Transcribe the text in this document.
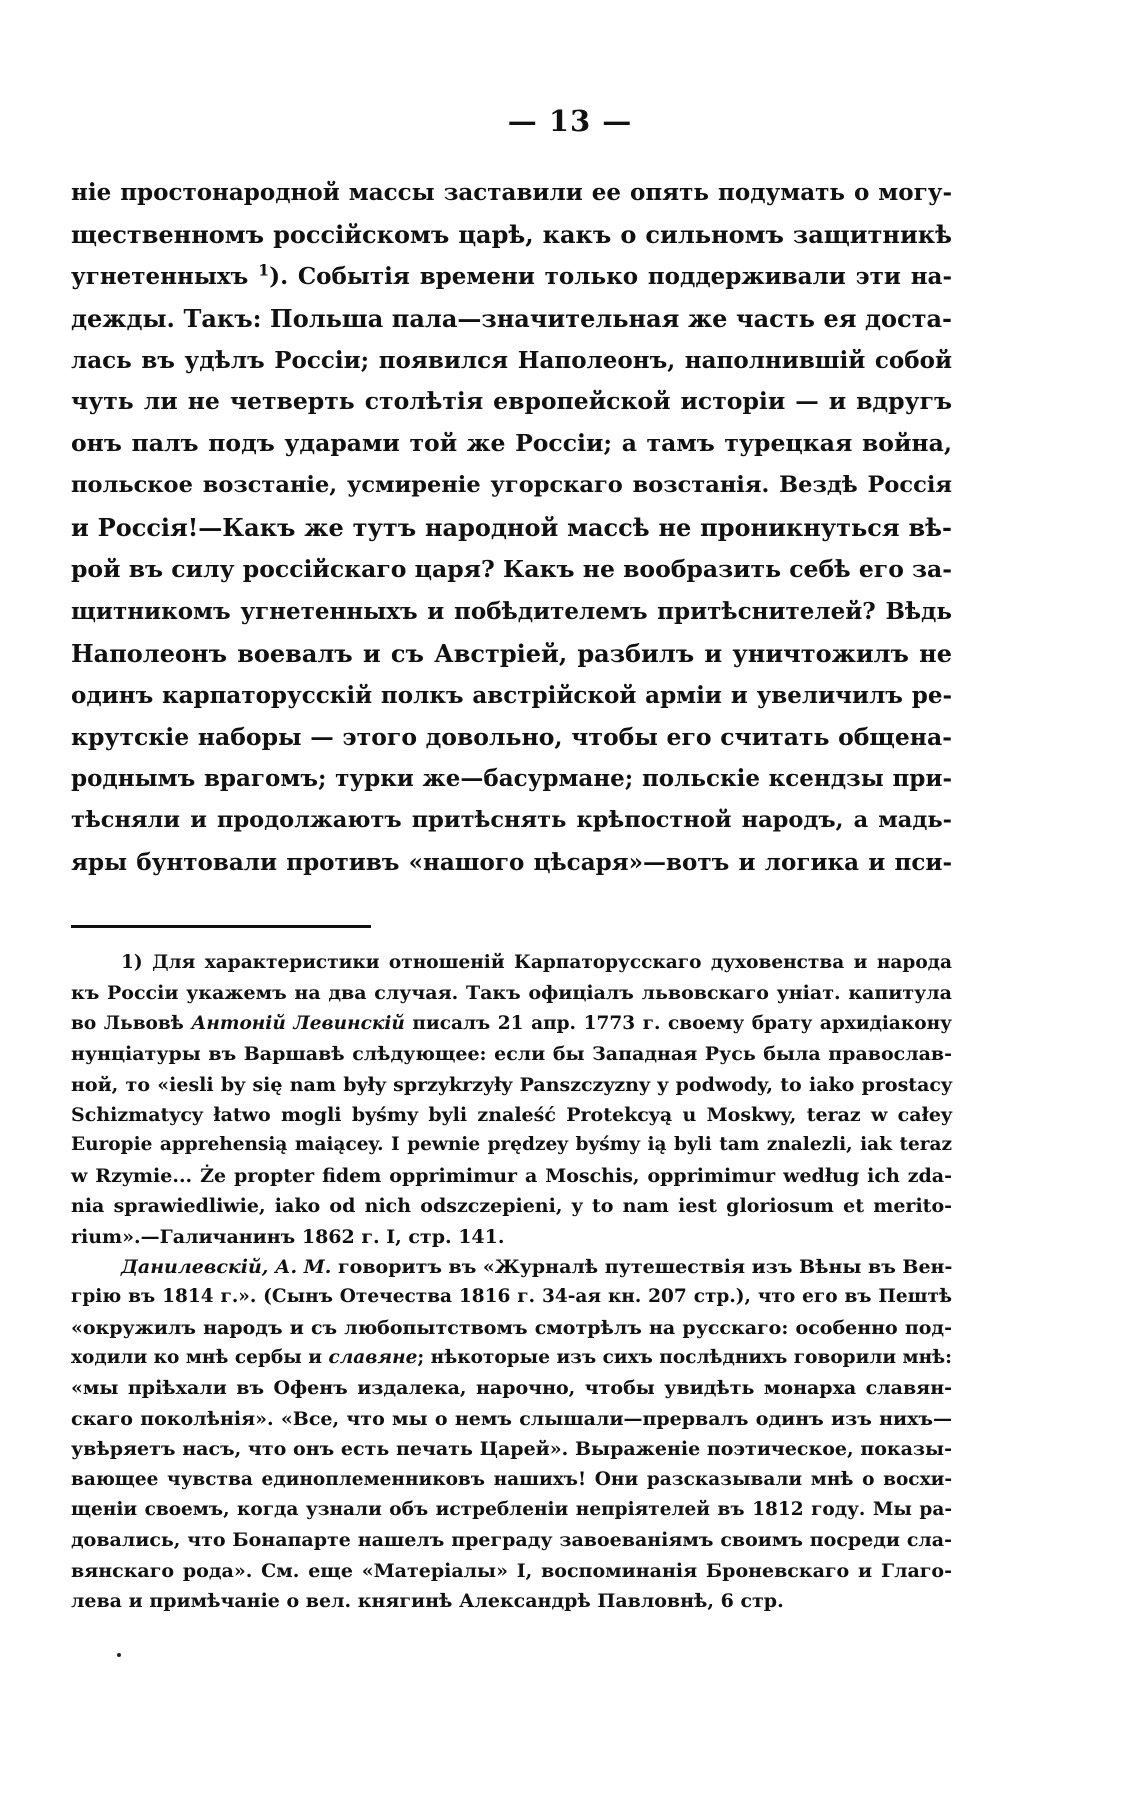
— 13 —
ніе простонародной массы заставили ее опять подумать о могу-
щественномъ россійскомъ царѣ, какъ о сильномъ защитникѣ
угнетенныхъ $^1$). Событія времени только поддерживали эти на-
дежды. Такъ: Польша пала—значительная же часть ея доста-
лась въ удѣлъ Россіи; появился Наполеонъ, наполнившій собой
чуть ли не четверть столѣтія европейской исторіи — и вдругъ
онъ палъ подъ ударами той же Россіи; а тамъ турецкая война,
польское возстаніе, усмиреніе угорскаго возстанія. Вездѣ Россія
и Россія!—Какъ же тутъ народной массѣ не проникнуться вѣ-
рой въ силу россійскаго царя? Какъ не вообразить себѣ его за-
щитникомъ угнетенныхъ и побѣдителемъ притѣснителей? Вѣдь
Наполеонъ воевалъ и съ Австріей, разбилъ и уничтожилъ не
одинъ карпаторусскій полкъ австрійской арміи и увеличилъ ре-
крутскіе наборы — этого довольно, чтобы его считать общена-
роднымъ врагомъ; турки же—басурмане; польскіе ксендзы при-
тѣсняли и продолжаютъ притѣснять крѣпостной народъ, а мадь-
яры бунтовали противъ «нашого цѣсаря»—вотъ и логика и пси-
1) Для характеристики отношеній Карпаторусскаго духовенства и народа
къ Россіи укажемъ на два случая. Такъ офиціалъ львовскаго уніат. капитула
во Львовѣ Антоній Левинскій писалъ 21 апр. 1773 г. своему брату архидіакону
нунціатуры въ Варшавѣ слѣдующее: если бы Западная Русь была православ-
ной, то «iesli by się nam były sprzykrzyły Panszczyzny y podwody, to iako prostacy
Schizmatycy łatwo mogli byśmy byli znaleść Protekcyą u Moskwy, teraz w całey
Europie apprehensią maiącey. I pewnie prędzey byśmy ią byli tam znalezli, iak teraz
w Rzymie... Że propter fidem opprimimur a Moschis, opprimimur według ich zda-
nia sprawiedliwie, iako od nich odszczepieni, y to nam iest gloriosum et merito-
rium».—Галичанинъ 1862 г. I, стр. 141.
Данилевскій, А. М. говоритъ въ «Журналѣ путешествія изъ Вѣны въ Вен-
грію въ 1814 г.». (Сынъ Отечества 1816 г. 34-ая кн. 207 стр.), что его въ Пештѣ
«окружилъ народъ и съ любопытствомъ смотрѣлъ на русскаго: особенно под-
ходили ко мнѣ сербы и славяне; нѣкоторые изъ сихъ послѣднихъ говорили мнѣ:
«мы пріѣхали въ Офенъ издалека, нарочно, чтобы увидѣть монарха славян-
скаго поколѣнія». «Все, что мы о немъ слышали—прервалъ одинъ изъ нихъ—
увѣряетъ насъ, что онъ есть печать Царей». Выраженіе поэтическое, показы-
вающее чувства единоплеменниковъ нашихъ! Они разсказывали мнѣ о восхи-
щеніи своемъ, когда узнали объ истребленіи непріятелей въ 1812 году. Мы ра-
довались, что Бонапарте нашелъ преграду завоеваніямъ своимъ посреди сла-
вянскаго рода». См. еще «Матеріалы» I, воспоминанія Броневскаго и Глаго-
лева и примѣчаніе о вел. княгинѣ Александрѣ Павловнѣ, 6 стр.
